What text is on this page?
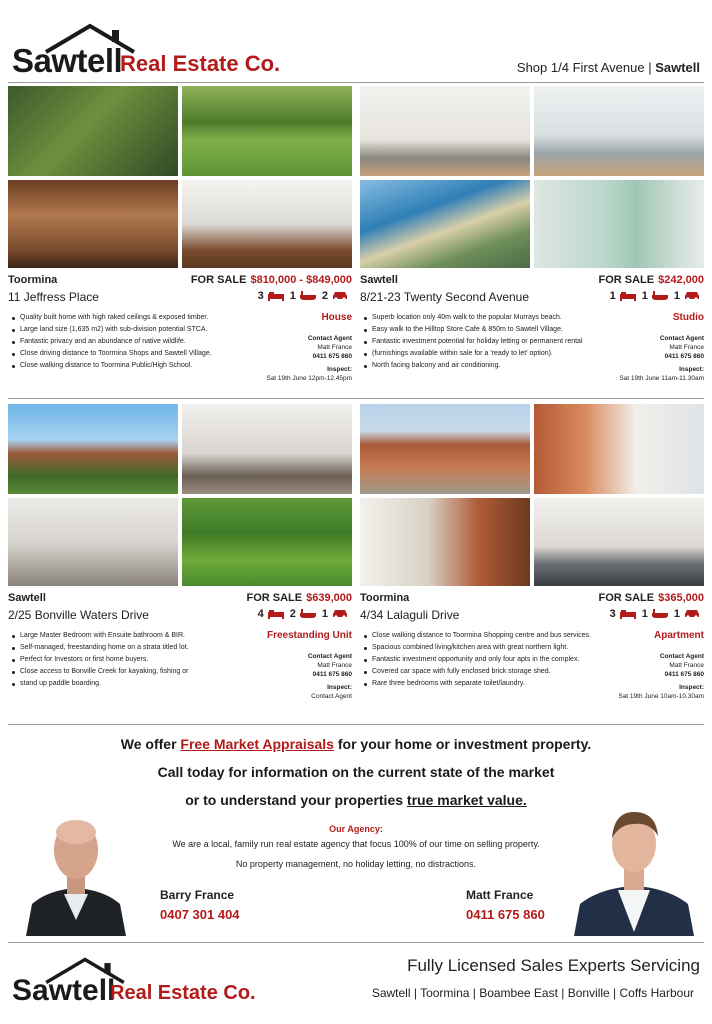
Sawtell
Real Estate Co.	Shop 1/4 First Avenue | Sawtell
Toormina	FOR SALE $810,000 - $849,000
11 Jeffress Place	3 1 2
Quality built home with high raked ceilings & exposed timber.
Large land size (1,635 m2) with sub-division potential STCA.
Fantastic privacy and an abundance of native wildlife.
Close driving distance to Toormina Shops and Sawtell Village.
Close walking distance to Toormina Public/High School.
House
Contact Agent
Matt France
0411 675 860
Inspect:
Sat 19th June 12pm-12.45pm
Sawtell	FOR SALE $242,000
8/21-23 Twenty Second Avenue	1 1 1
Superb location only 40m walk to the popular Murrays beach.
Easy walk to the Hilltop Store Cafe & 850m to Sawtell Village.
Fantastic investment potential for holiday letting or permanent rental
(furnishings available within sale for a 'ready to let' option).
North facing balcony and air conditioning.
Studio
Contact Agent
Matt France
0411 675 860
Inspect:
Sat 19th June 11am-11.30am
Sawtell	FOR SALE $639,000
2/25 Bonville Waters Drive	4 2 1
Large Master Bedroom with Ensuite bathroom & BIR.
Self-managed, freestanding home on a strata titled lot.
Perfect for Investors or first home buyers.
Close access to Bonville Creek for kayaking, fishing or
stand up paddle boarding.
Freestanding Unit
Contact Agent
Matt France
0411 675 860
Inspect:
Contact Agent
Toormina	FOR SALE $365,000
4/34 Lalaguli Drive	3 1 1
Close walking distance to Toormina Shopping centre and bus services.
Spacious combined living/kitchen area with great northern light.
Fantastic investment opportunity and only four apts in the complex.
Covered car space with fully enclosed brick storage shed.
Rare three bedrooms with separate toilet/laundry.
Apartment
Contact Agent
Matt France
0411 675 860
Inspect:
Sat 19th June 10am-10.30am
We offer Free Market Appraisals for your home or investment property.
Call today for information on the current state of the market
or to understand your properties true market value.
Our Agency:
We are a local, family run real estate agency that focus 100% of our time on selling property.
No property management, no holiday letting, no distractions.
Barry France
0407 301 404
Matt France
0411 675 860
Sawtell
Real Estate Co.
Fully Licensed Sales Experts Servicing
Sawtell | Toormina | Boambee East | Bonville | Coffs Harbour
